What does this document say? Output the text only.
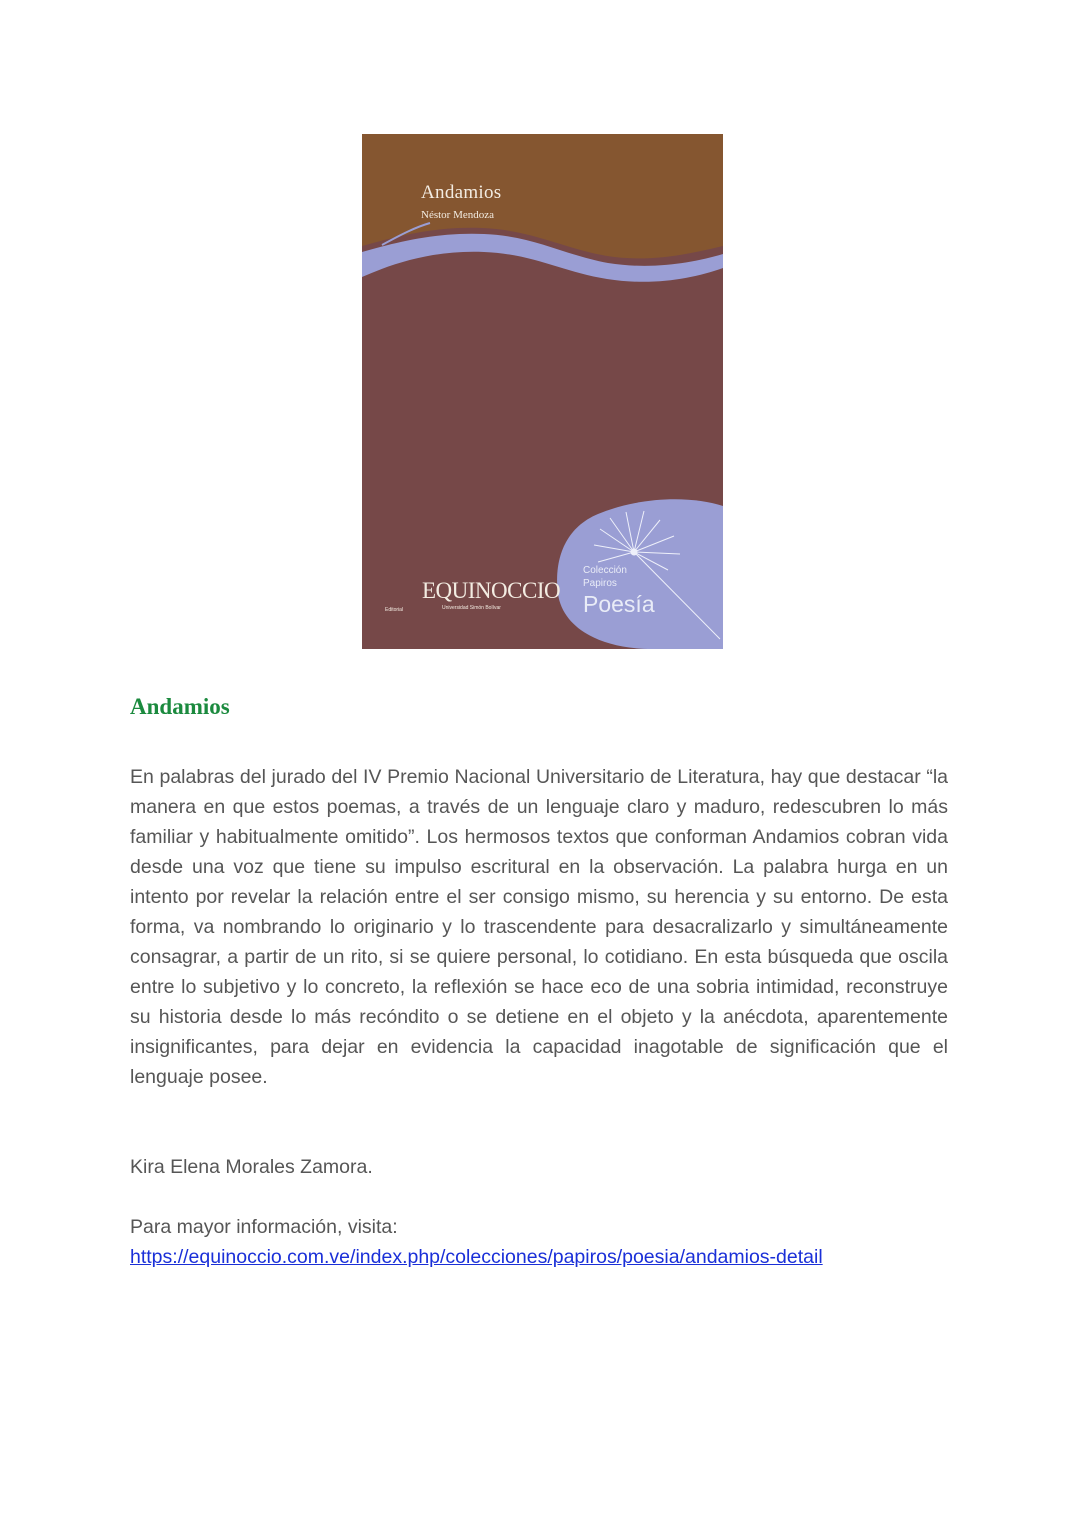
Andamios
Néstor Mendoza
Editorial
EQUINOCCIO
Universidad Simón Bolívar
Colección
Papiros
Poesía
Andamios

En palabras del jurado del IV Premio Nacional Universitario de Literatura, hay que destacar “la manera en que estos poemas, a través de un lenguaje claro y maduro, redescubren lo más familiar y habitualmente omitido”. Los hermosos textos que conforman Andamios cobran vida desde una voz que tiene su impulso escritural en la observación. La palabra hurga en un intento por revelar la relación entre el ser consigo mismo, su herencia y su entorno. De esta forma, va nombrando lo originario y lo trascendente para desacralizarlo y simultáneamente consagrar, a partir de un rito, si se quiere personal, lo cotidiano. En esta búsqueda que oscila entre lo subjetivo y lo concreto, la reflexión se hace eco de una sobria intimidad, reconstruye su historia desde lo más recóndito o se detiene en el objeto y la anécdota, aparentemente insignificantes, para dejar en evidencia la capacidad inagotable de significación que el lenguaje posee.

Kira Elena Morales Zamora.

Para mayor información, visita:
https://equinoccio.com.ve/index.php/colecciones/papiros/poesia/andamios-detail
